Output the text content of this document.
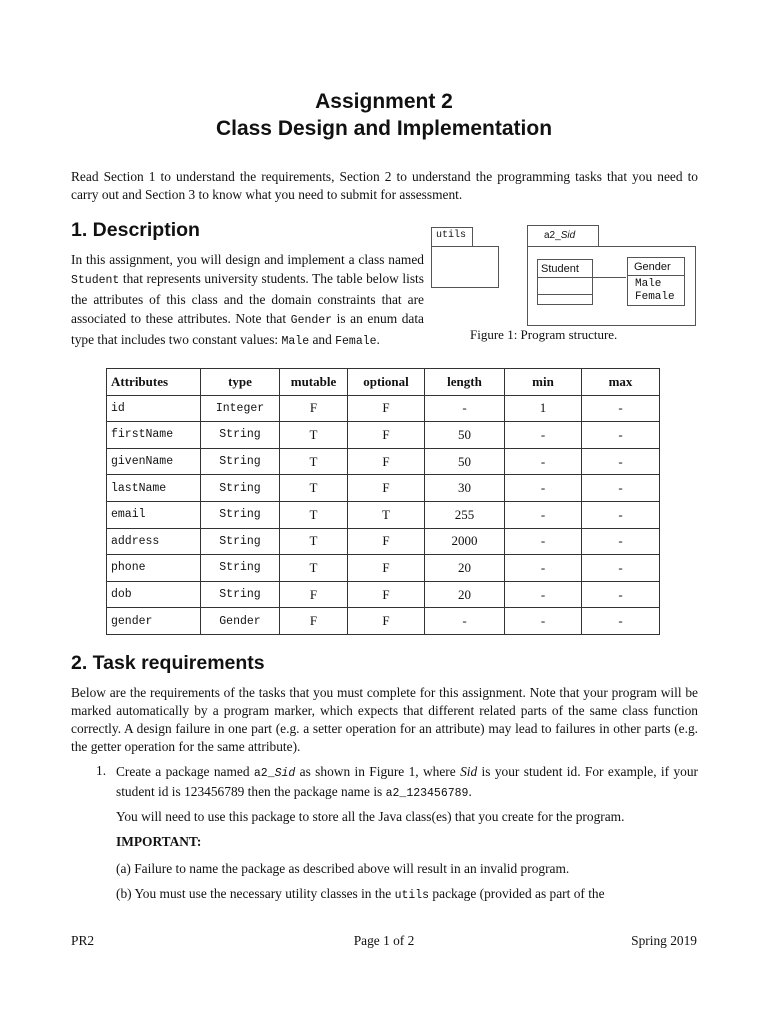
Assignment 2
Class Design and Implementation
Read Section 1 to understand the requirements, Section 2 to understand the programming tasks that you need to carry out and Section 3 to know what you need to submit for assessment.
1. Description
In this assignment, you will design and implement a class named Student that represents university students. The table below lists the attributes of this class and the domain constraints that are associated to these attributes. Note that Gender is an enum data type that includes two constant values: Male and Female.
utils	a2_Sid
Student	Gender
Male
Female
Figure 1: Program structure.
Attributes	type	mutable	optional	length	min	max
id	Integer	F	F	-	1	-
firstName	String	T	F	50	-	-
givenName	String	T	F	50	-	-
lastName	String	T	F	30	-	-
email	String	T	T	255	-	-
address	String	T	F	2000	-	-
phone	String	T	F	20	-	-
dob	String	F	F	20	-	-
gender	Gender	F	F	-	-	-
2. Task requirements
Below are the requirements of the tasks that you must complete for this assignment. Note that your program will be marked automatically by a program marker, which expects that different related parts of the same class function correctly. A design failure in one part (e.g. a setter operation for an attribute) may lead to failures in other parts (e.g. the getter operation for the same attribute).
1. Create a package named a2_Sid as shown in Figure 1, where Sid is your student id. For example, if your student id is 123456789 then the package name is a2_123456789.
You will need to use this package to store all the Java class(es) that you create for the program.
IMPORTANT:
(a) Failure to name the package as described above will result in an invalid program.
(b) You must use the necessary utility classes in the utils package (provided as part of the
PR2	Page 1 of 2	Spring 2019
